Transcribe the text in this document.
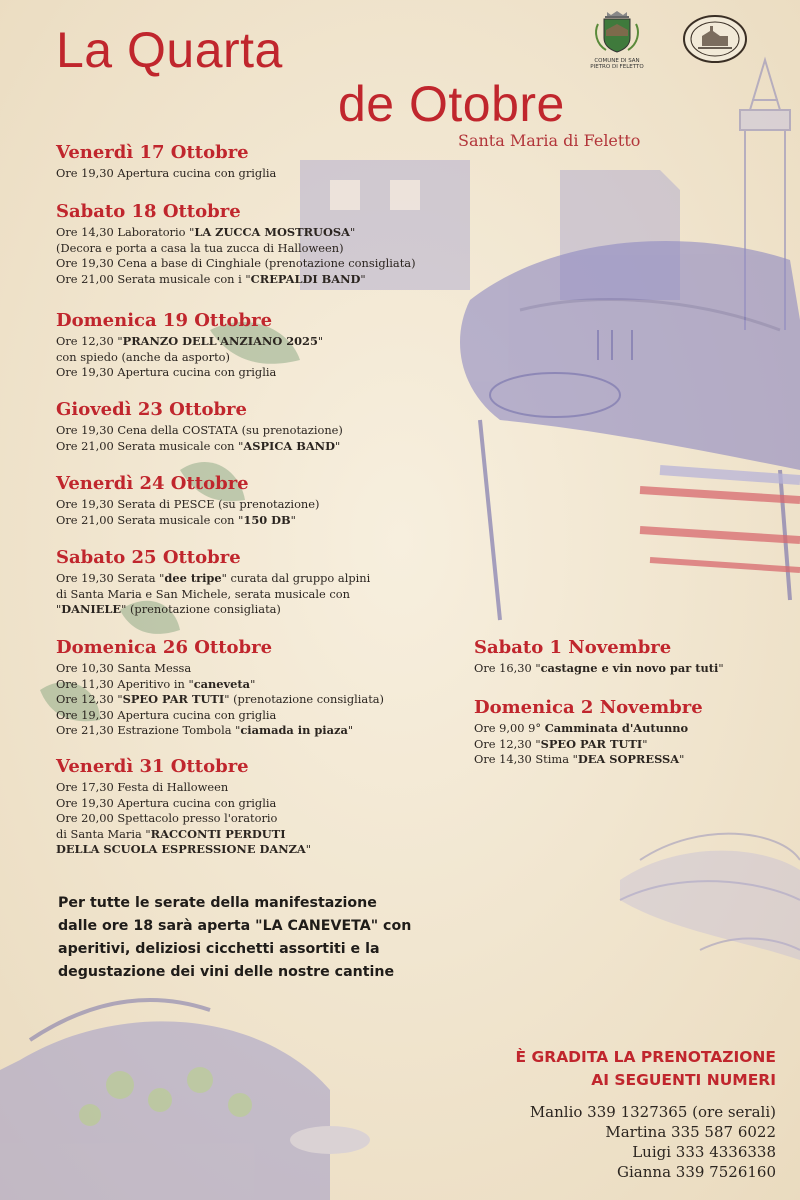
La Quarta
de Otobre
Santa Maria di Feletto
COMUNE DI SAN PIETRO DI FELETTO
Venerdì 17 Ottobre
Ore 19,30 Apertura cucina con griglia
Sabato 18 Ottobre
Ore 14,30 Laboratorio "LA ZUCCA MOSTRUOSA"
(Decora e porta a casa la tua zucca di Halloween)
Ore 19,30 Cena a base di Cinghiale (prenotazione consigliata)
Ore 21,00 Serata musicale con i "CREPALDI BAND"
Domenica 19 Ottobre
Ore 12,30 "PRANZO DELL'ANZIANO 2025"
con spiedo (anche da asporto)
Ore 19,30 Apertura cucina con griglia
Giovedì 23 Ottobre
Ore 19,30 Cena della COSTATA (su prenotazione)
Ore 21,00 Serata musicale con "ASPICA BAND"
Venerdì 24 Ottobre
Ore 19,30 Serata di PESCE (su prenotazione)
Ore 21,00 Serata musicale con "150 DB"
Sabato 25 Ottobre
Ore 19,30 Serata "dee tripe" curata dal gruppo alpini
di Santa Maria e San Michele, serata musicale con
"DANIELE" (prenotazione consigliata)
Domenica 26 Ottobre
Ore 10,30 Santa Messa
Ore 11,30 Aperitivo in "caneveta"
Ore 12,30 "SPEO PAR TUTI" (prenotazione consigliata)
Ore 19,30 Apertura cucina con griglia
Ore 21,30 Estrazione Tombola "ciamada in piaza"
Venerdì 31 Ottobre
Ore 17,30 Festa di Halloween
Ore 19,30 Apertura cucina con griglia
Ore 20,00 Spettacolo presso l'oratorio
di Santa Maria "RACCONTI PERDUTI
DELLA SCUOLA ESPRESSIONE DANZA"
Sabato 1 Novembre
Ore 16,30 "castagne e vin novo par tuti"
Domenica 2 Novembre
Ore 9,00 9° Camminata d'Autunno
Ore 12,30 "SPEO PAR TUTI"
Ore 14,30 Stima "DEA SOPRESSA"
Per tutte le serate della manifestazione
dalle ore 18 sarà aperta "LA CANEVETA" con
aperitivi, deliziosi cicchetti assortiti e la
degustazione dei vini delle nostre cantine
È GRADITA LA PRENOTAZIONE
AI SEGUENTI NUMERI
Manlio 339 1327365 (ore serali)
Martina 335 587 6022
Luigi 333 4336338
Gianna 339 7526160
